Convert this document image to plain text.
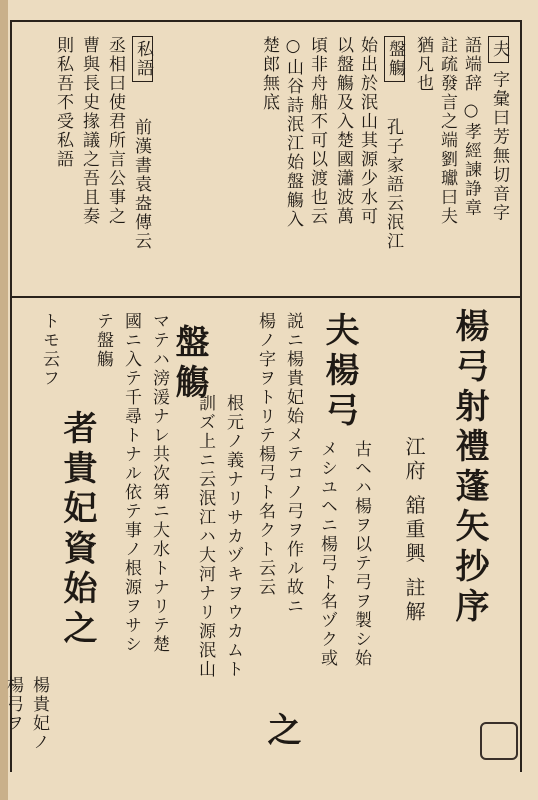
夫 字彙曰芳無切音字
語端辞 ○孝經諫諍章
註疏發言之端劉瓛曰夫
猶凡也
盤觴
孔子家語云泯江
始出於泯山其源少水可
以盤觴及入楚國瀟波萬
頃非舟船不可以渡也云
○山谷詩泯江始盤觴入
楚郎無底
私語
前漢書袁盎傳云
丞相曰使君所言公事之
曹與長史掾議之吾且奏
則私吾不受私語
楊弓射禮蓬矢抄序
江府 舘重興 註解
夫楊弓
古ヘハ楊ヲ以テ弓ヲ製シ始
メシユヘニ楊弓ト名ヅク或
説ニ楊貴妃始メテコノ弓ヲ作ル故ニ
楊ノ字ヲトリテ楊弓ト名クト云云
之
盤觴
根元ノ義ナリサカヅキヲウカムト
訓ズ上ニ云泯江ハ大河ナリ源泯山
マテハ滂湲ナレ共次第ニ大水トナリテ楚
國ニ入テ千尋トナル依テ事ノ根源ヲサシ
テ盤觴
トモ云フ
者貴妃資始之
楊貴妃ノ
楊弓ヲ
